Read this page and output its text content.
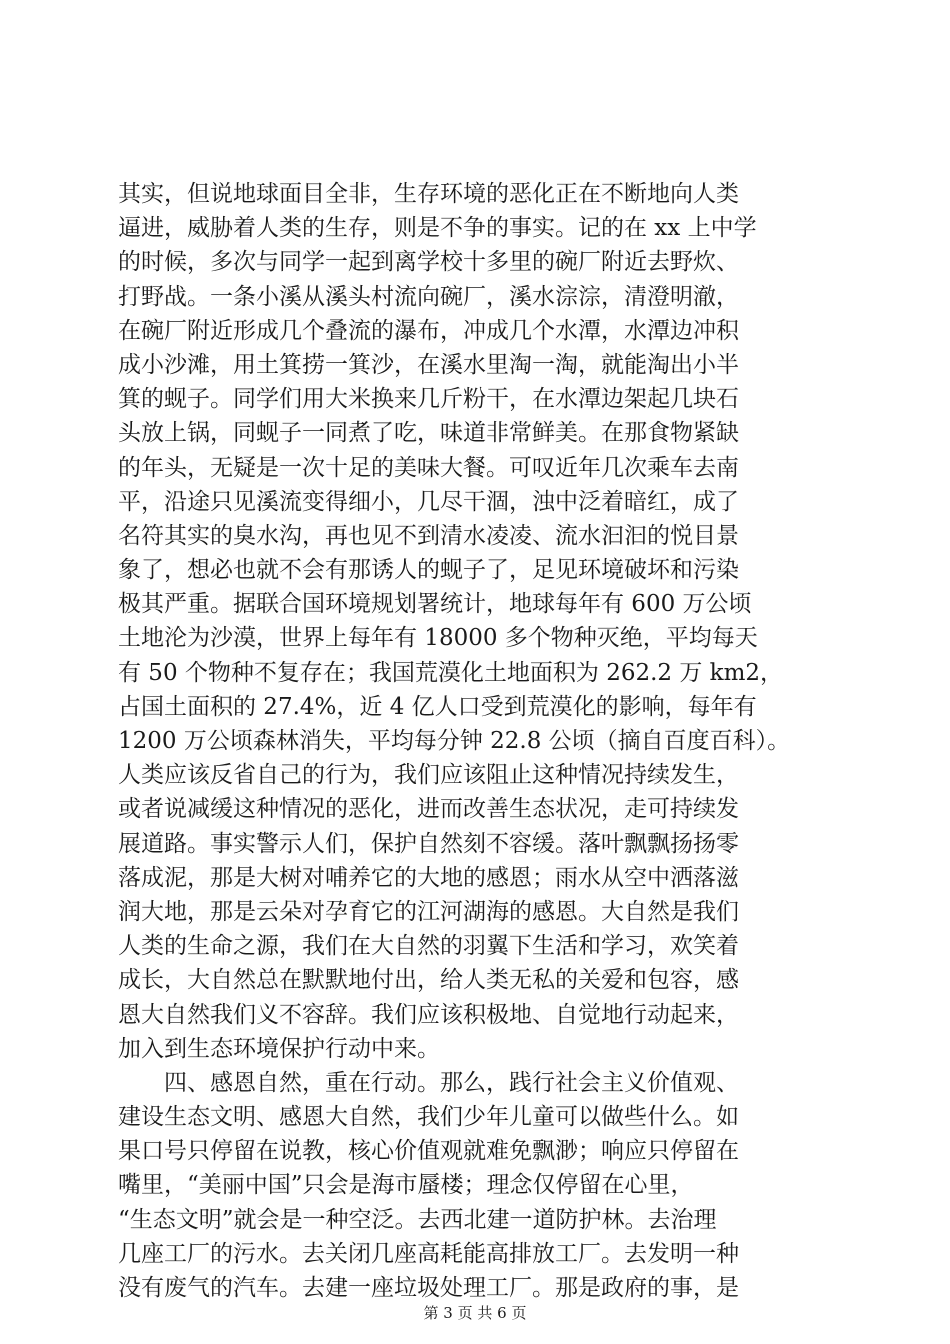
其实，但说地球面目全非，生存环境的恶化正在不断地向人类
逼进，威胁着人类的生存，则是不争的事实。记的在 xx 上中学
的时候，多次与同学一起到离学校十多里的碗厂附近去野炊、
打野战。一条小溪从溪头村流向碗厂，溪水淙淙，清澄明澈，
在碗厂附近形成几个叠流的瀑布，冲成几个水潭，水潭边冲积
成小沙滩，用土箕捞一箕沙，在溪水里淘一淘，就能淘出小半
箕的蚬子。同学们用大米换来几斤粉干，在水潭边架起几块石
头放上锅，同蚬子一同煮了吃，味道非常鲜美。在那食物紧缺
的年头，无疑是一次十足的美味大餐。可叹近年几次乘车去南
平，沿途只见溪流变得细小，几尽干涸，浊中泛着暗红，成了
名符其实的臭水沟，再也见不到清水凌凌、流水汩汩的悦目景
象了，想必也就不会有那诱人的蚬子了，足见环境破坏和污染
极其严重。据联合国环境规划署统计，地球每年有 600 万公顷
土地沦为沙漠，世界上每年有 18000 多个物种灭绝，平均每天
有 50 个物种不复存在；我国荒漠化土地面积为 262.2 万 km2，
占国土面积的 27.4%，近 4 亿人口受到荒漠化的影响，每年有
1200 万公顷森林消失，平均每分钟 22.8 公顷（摘自百度百科）。
人类应该反省自己的行为，我们应该阻止这种情况持续发生，
或者说减缓这种情况的恶化，进而改善生态状况，走可持续发
展道路。事实警示人们，保护自然刻不容缓。落叶飘飘扬扬零
落成泥，那是大树对哺养它的大地的感恩；雨水从空中洒落滋
润大地，那是云朵对孕育它的江河湖海的感恩。大自然是我们
人类的生命之源，我们在大自然的羽翼下生活和学习，欢笑着
成长，大自然总在默默地付出，给人类无私的关爱和包容，感
恩大自然我们义不容辞。我们应该积极地、自觉地行动起来，
加入到生态环境保护行动中来。
　　四、感恩自然，重在行动。那么，践行社会主义价值观、
建设生态文明、感恩大自然，我们少年儿童可以做些什么。如
果口号只停留在说教，核心价值观就难免飘渺；响应只停留在
嘴里，“美丽中国”只会是海市蜃楼；理念仅停留在心里，
“生态文明”就会是一种空泛。去西北建一道防护林。去治理
几座工厂的污水。去关闭几座高耗能高排放工厂。去发明一种
没有废气的汽车。去建一座垃圾处理工厂。那是政府的事，是
第 3 页 共 6 页
